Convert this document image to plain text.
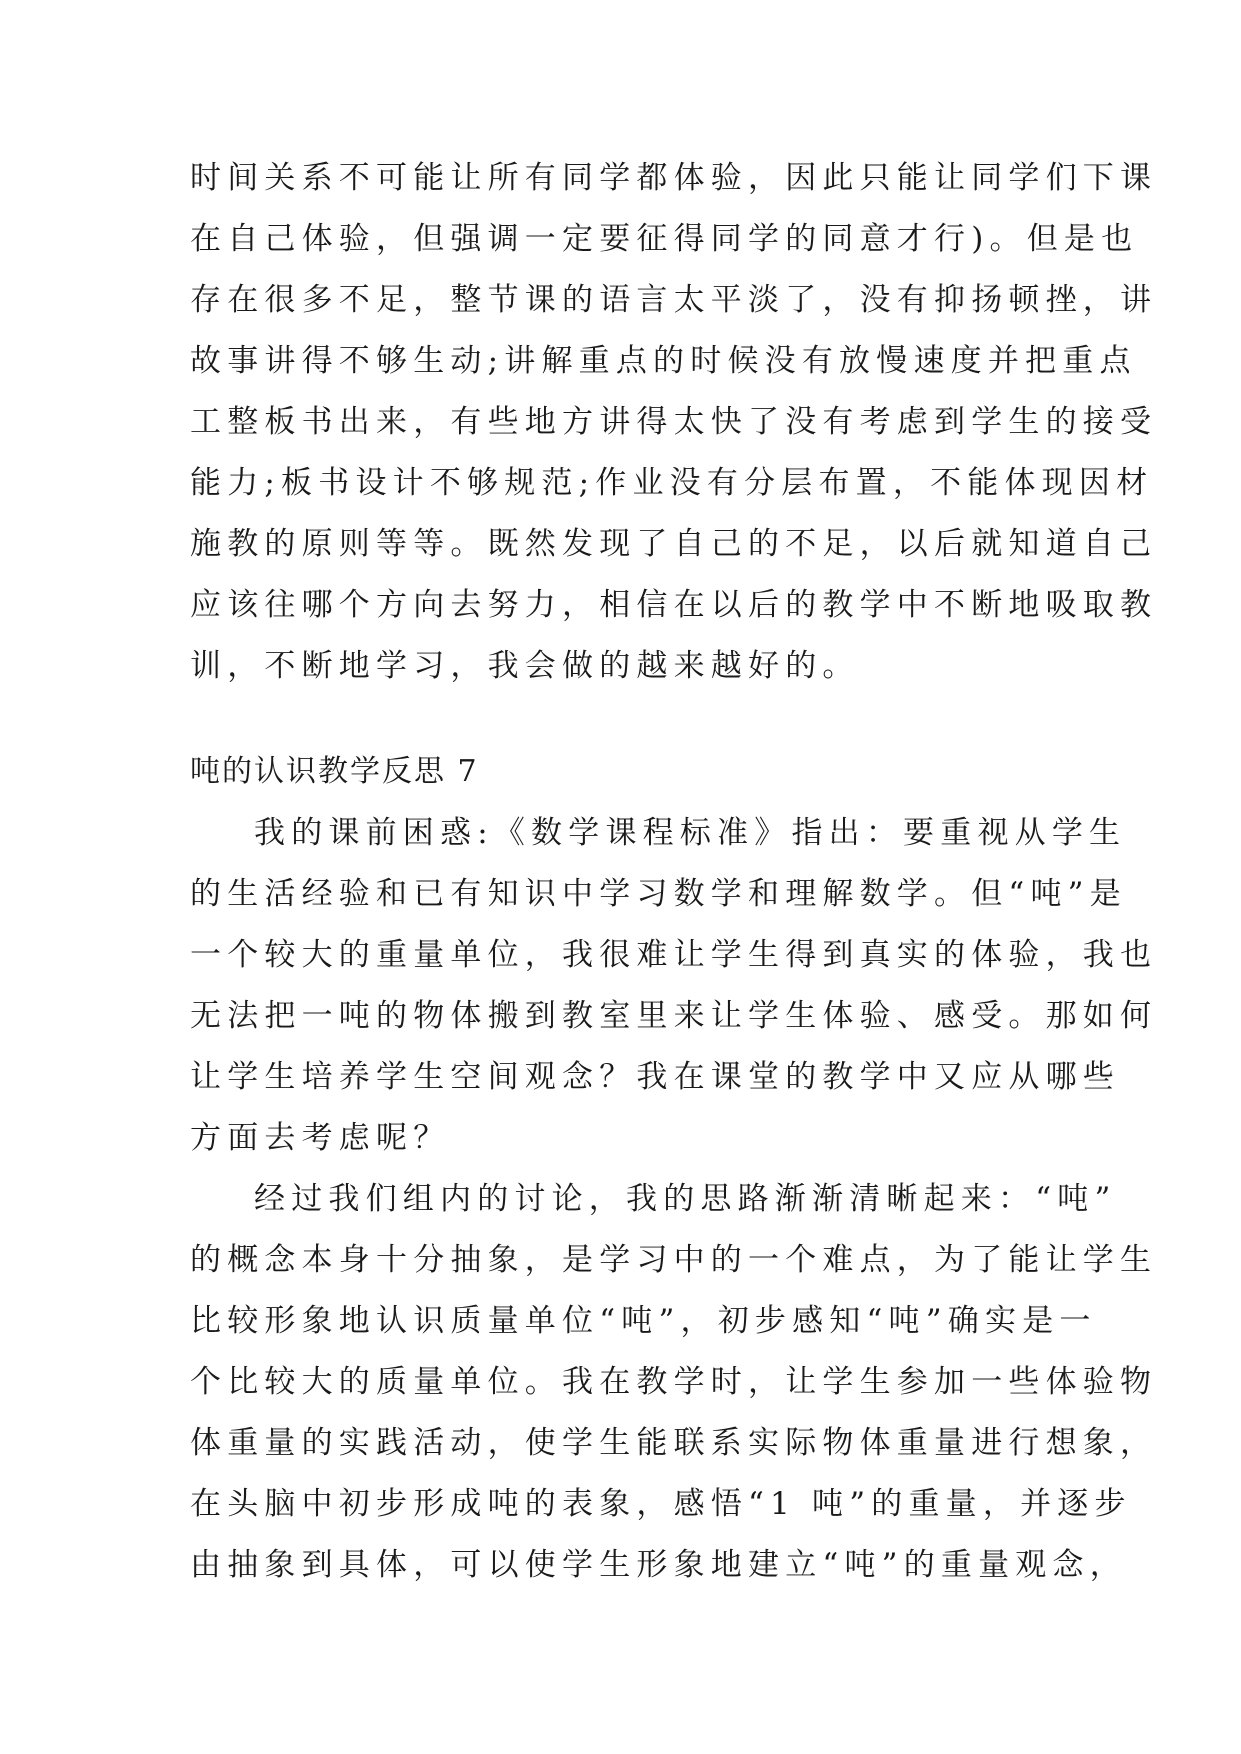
时间关系不可能让所有同学都体验，因此只能让同学们下课
在自己体验，但强调一定要征得同学的同意才行)。但是也
存在很多不足，整节课的语言太平淡了，没有抑扬顿挫，讲
故事讲得不够生动;讲解重点的时候没有放慢速度并把重点
工整板书出来，有些地方讲得太快了没有考虑到学生的接受
能力;板书设计不够规范;作业没有分层布置，不能体现因材
施教的原则等等。既然发现了自己的不足，以后就知道自己
应该往哪个方向去努力，相信在以后的教学中不断地吸取教
训，不断地学习，我会做的越来越好的。
吨的认识教学反思 7
我的课前困惑:《数学课程标准》指出：要重视从学生
的生活经验和已有知识中学习数学和理解数学。但“吨”是
一个较大的重量单位，我很难让学生得到真实的体验，我也
无法把一吨的物体搬到教室里来让学生体验、感受。那如何
让学生培养学生空间观念？我在课堂的教学中又应从哪些
方面去考虑呢？
经过我们组内的讨论，我的思路渐渐清晰起来：“吨”
的概念本身十分抽象，是学习中的一个难点，为了能让学生
比较形象地认识质量单位“吨”，初步感知“吨”确实是一
个比较大的质量单位。我在教学时，让学生参加一些体验物
体重量的实践活动，使学生能联系实际物体重量进行想象，
在头脑中初步形成吨的表象，感悟“1 吨”的重量，并逐步
由抽象到具体，可以使学生形象地建立“吨”的重量观念，
